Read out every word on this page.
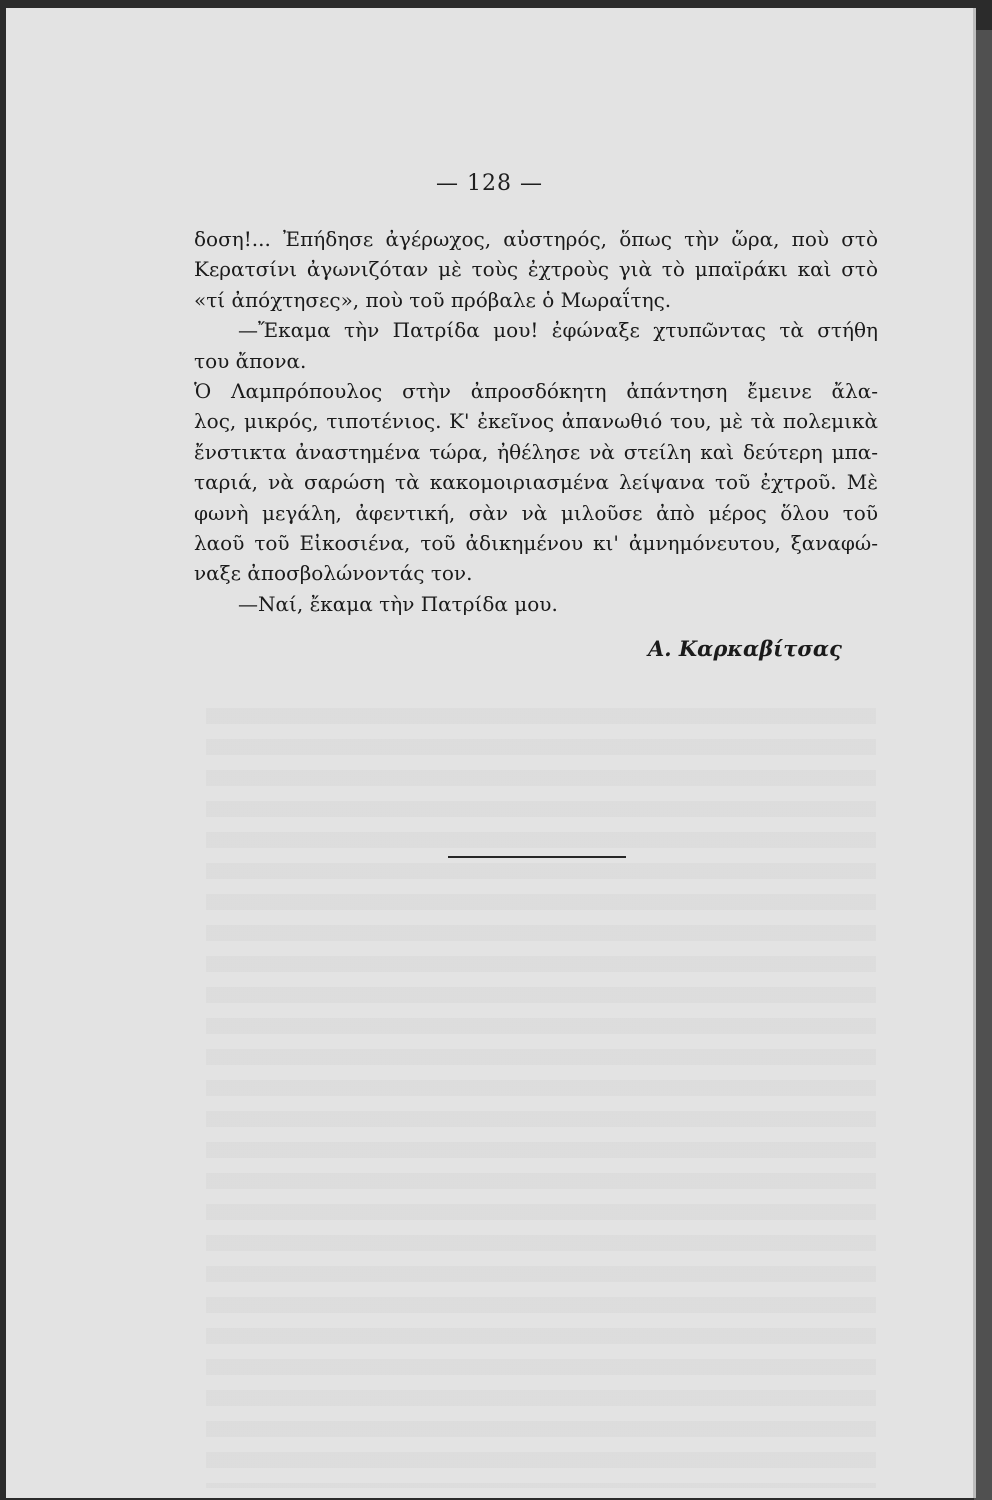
— 128 —
δοση!... Ἐπήδησε ἀγέρωχος, αὐστηρός, ὅπως τὴν ὥρα, ποὺ στὸ
Κερατσίνι ἀγωνιζόταν μὲ τοὺς ἐχτροὺς γιὰ τὸ μπαϊράκι καὶ στὸ
«τί ἀπόχτησες», ποὺ τοῦ πρόβαλε ὁ Μωραΐτης.
—Ἔκαμα τὴν Πατρίδα μου! ἐφώναξε χτυπῶντας τὰ στήθη
του ἄπονα.
Ὁ Λαμπρόπουλος στὴν ἀπροσδόκητη ἀπάντηση ἔμεινε ἄλα-
λος, μικρός, τιποτένιος. Κ' ἐκεῖνος ἀπανωθιό του, μὲ τὰ πολεμικὰ
ἔνστικτα ἀναστημένα τώρα, ἠθέλησε νὰ στείλη καὶ δεύτερη μπα-
ταριά, νὰ σαρώση τὰ κακομοιριασμένα λείψανα τοῦ ἐχτροῦ. Μὲ
φωνὴ μεγάλη, ἀφεντική, σὰν νὰ μιλοῦσε ἀπὸ μέρος ὅλου τοῦ
λαοῦ τοῦ Εἰκοσιένα, τοῦ ἀδικημένου κι' ἀμνημόνευτου, ξαναφώ-
ναξε ἀποσβολώνοντάς τον.
—Ναί, ἔκαμα τὴν Πατρίδα μου.
Α. Καρκαβίτσας
